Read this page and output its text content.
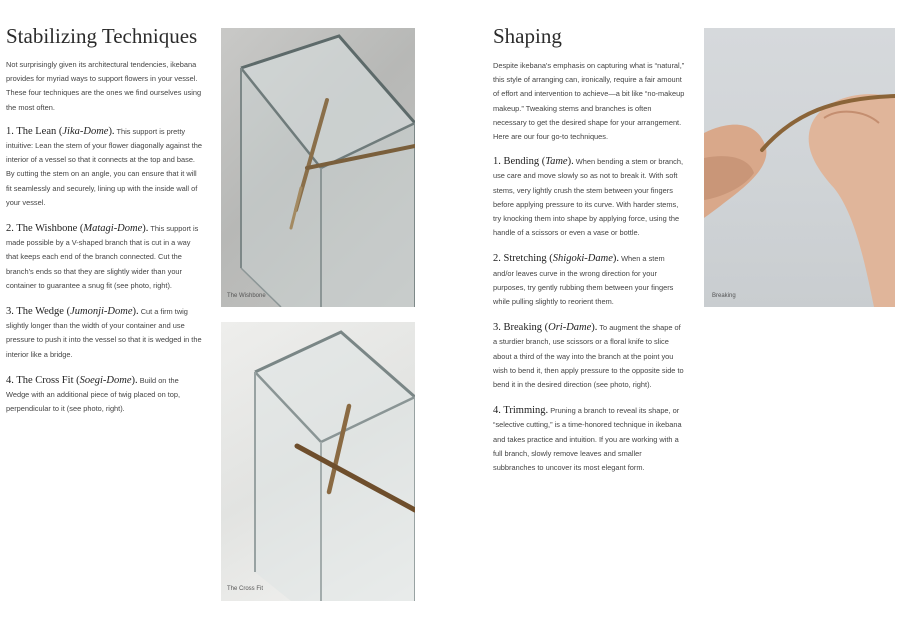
Stabilizing Techniques

Not surprisingly given its architectural tendencies, ikebana provides for myriad ways to support flowers in your vessel. These four techniques are the ones we find ourselves using the most often.

1. The Lean (Jika-Dome). This support is pretty intuitive: Lean the stem of your flower diagonally against the interior of a vessel so that it connects at the top and base. By cutting the stem on an angle, you can ensure that it will fit seamlessly and securely, lining up with the inside wall of your vessel.

2. The Wishbone (Matagi-Dome). This support is made possible by a V-shaped branch that is cut in a way that keeps each end of the branch connected. Cut the branch's ends so that they are slightly wider than your container to guarantee a snug fit (see photo, right).

3. The Wedge (Jumonji-Dome). Cut a firm twig slightly longer than the width of your container and use pressure to push it into the vessel so that it is wedged in the interior like a bridge.

4. The Cross Fit (Soegi-Dome). Build on the Wedge with an additional piece of twig placed on top, perpendicular to it (see photo, right).

The Wishbone
The Cross Fit
Shaping

Despite ikebana's emphasis on capturing what is “natural,” this style of arranging can, ironically, require a fair amount of effort and intervention to achieve—a bit like “no-makeup makeup.” Tweaking stems and branches is often necessary to get the desired shape for your arrangement. Here are our four go-to techniques.

1. Bending (Tame). When bending a stem or branch, use care and move slowly so as not to break it. With soft stems, very lightly crush the stem between your fingers before applying pressure to its curve. With harder stems, try knocking them into shape by applying force, using the handle of a scissors or even a vase or bottle.

2. Stretching (Shigoki-Dame). When a stem and/or leaves curve in the wrong direction for your purposes, try gently rubbing them between your fingers while pulling slightly to reorient them.

3. Breaking (Ori-Dame). To augment the shape of a sturdier branch, use scissors or a floral knife to slice about a third of the way into the branch at the point you wish to bend it, then apply pressure to the opposite side to bend it in the desired direction (see photo, right).

4. Trimming. Pruning a branch to reveal its shape, or “selective cutting,” is a time-honored technique in ikebana and takes practice and intuition. If you are working with a full branch, slowly remove leaves and smaller subbranches to uncover its most elegant form.

Breaking
